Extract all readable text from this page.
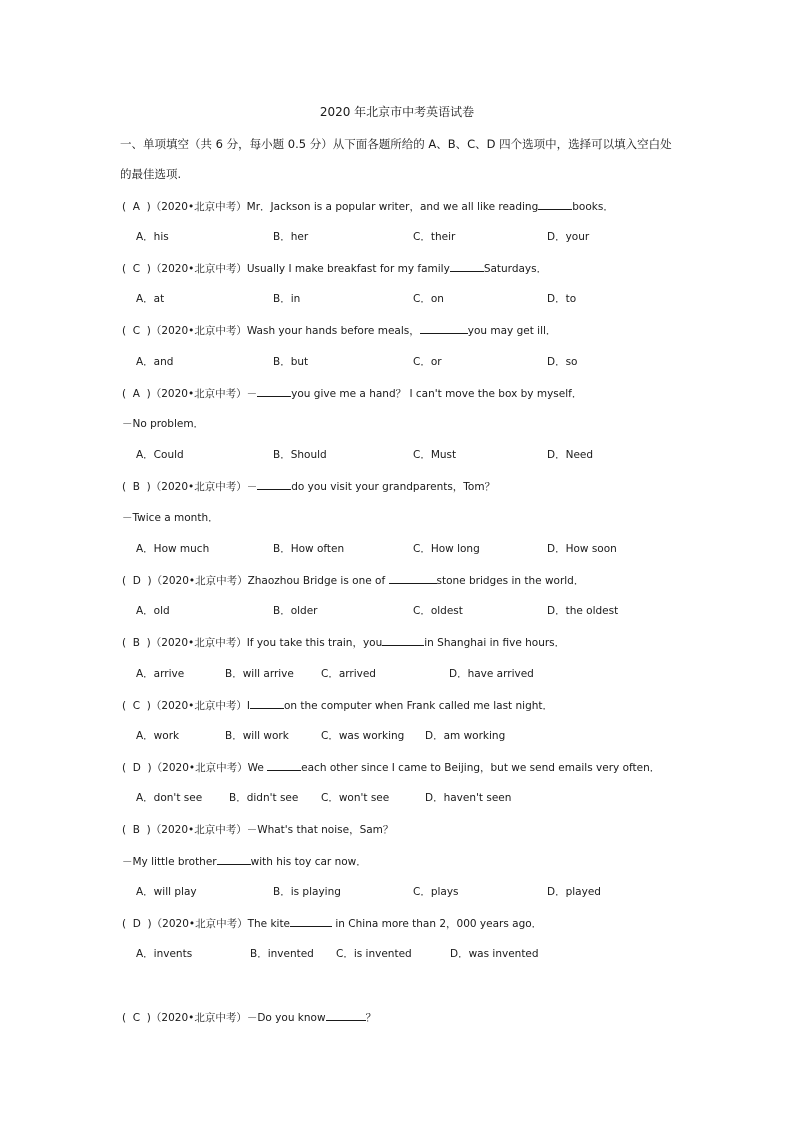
2020 年北京市中考英语试卷
一、单项填空（共 6 分，每小题 0.5 分）从下面各题所给的 A、B、C、D 四个选项中，选择可以填入空白处
的最佳选项.
(  A  )（2020•北京中考）Mr．Jackson is a popular writer，and we all like reading	books．
A．his	B．her	C．their	D．your
(  C  )（2020•北京中考）Usually I make breakfast for my family	Saturdays．
A．at	B．in	C．on	D．to
(  C  )（2020•北京中考）Wash your hands before meals，	you may get ill．
A．and	B．but	C．or	D．so
(  A  )（2020•北京中考）－	you give me a hand？ I can't move the box by myself．
－No problem．
A．Could	B．Should	C．Must	D．Need
(  B  )（2020•北京中考）－	do you visit your grandparents，Tom？
－Twice a month．
A．How much	B．How often	C．How long	D．How soon
(  D  )（2020•北京中考）Zhaozhou Bridge is one of	stone bridges in the world．
A．old	B．older	C．oldest	D．the oldest
(  B  )（2020•北京中考）If you take this train，you	in Shanghai in five hours．
A．arrive	B．will arrive	C．arrived	D．have arrived
(  C  )（2020•北京中考）I	on the computer when Frank called me last night．
A．work	B．will work	C．was working D．am working
(  D  )（2020•北京中考）We	each other since I came to Beijing，but we send emails very often．
A．don't see	B．didn't see C．won't see	D．haven't seen
(  B  )（2020•北京中考）－What's that noise，Sam？
－My little brother	with his toy car now．
A．will play	B．is playing	C．plays	D．played
(  D  )（2020•北京中考）The kite	in China more than 2，000 years ago．
A．invents	B．invented C．is invented	D．was invented
(  C  )（2020•北京中考）－Do you know	？
